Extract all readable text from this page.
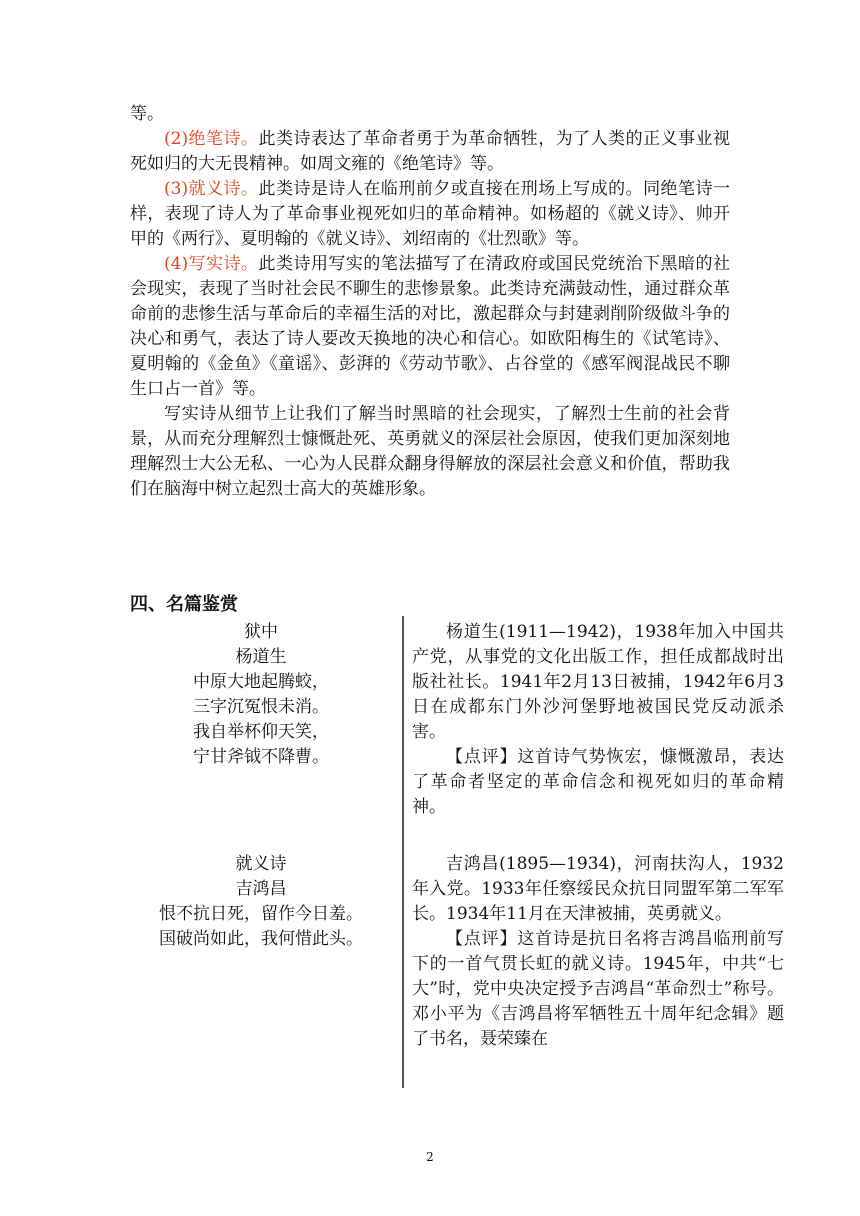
等。

(2)绝笔诗。此类诗表达了革命者勇于为革命牺牲，为了人类的正义事业视死如归的大无畏精神。如周文雍的《绝笔诗》等。

(3)就义诗。此类诗是诗人在临刑前夕或直接在刑场上写成的。同绝笔诗一样，表现了诗人为了革命事业视死如归的革命精神。如杨超的《就义诗》、帅开甲的《两行》、夏明翰的《就义诗》、刘绍南的《壮烈歌》等。

(4)写实诗。此类诗用写实的笔法描写了在清政府或国民党统治下黑暗的社会现实，表现了当时社会民不聊生的悲惨景象。此类诗充满鼓动性，通过群众革命前的悲惨生活与革命后的幸福生活的对比，激起群众与封建剥削阶级做斗争的决心和勇气，表达了诗人要改天换地的决心和信心。如欧阳梅生的《试笔诗》、夏明翰的《金鱼》《童谣》、彭湃的《劳动节歌》、占谷堂的《感军阀混战民不聊生口占一首》等。

写实诗从细节上让我们了解当时黑暗的社会现实，了解烈士生前的社会背景，从而充分理解烈士慷慨赴死、英勇就义的深层社会原因，使我们更加深刻地理解烈士大公无私、一心为人民群众翻身得解放的深层社会意义和价值，帮助我们在脑海中树立起烈士高大的英雄形象。

四、名篇鉴赏
狱中
杨道生
中原大地起腾蛟，
三字沉冤恨未消。
我自举杯仰天笑，
宁甘斧钺不降曹。

杨道生(1911—1942)，1938年加入中国共产党，从事党的文化出版工作，担任成都战时出版社社长。1941年2月13日被捕，1942年6月3日在成都东门外沙河堡野地被国民党反动派杀害。

【点评】这首诗气势恢宏，慷慨激昂，表达了革命者坚定的革命信念和视死如归的革命精神。

就义诗
吉鸿昌
恨不抗日死，留作今日羞。
国破尚如此，我何惜此头。

吉鸿昌(1895—1934)，河南扶沟人，1932年入党。1933年任察绥民众抗日同盟军第二军军长。1934年11月在天津被捕，英勇就义。

【点评】这首诗是抗日名将吉鸿昌临刑前写下的一首气贯长虹的就义诗。1945年，中共“七大”时，党中央决定授予吉鸿昌“革命烈士”称号。邓小平为《吉鸿昌将军牺牲五十周年纪念辑》题了书名，聂荣臻在

2
